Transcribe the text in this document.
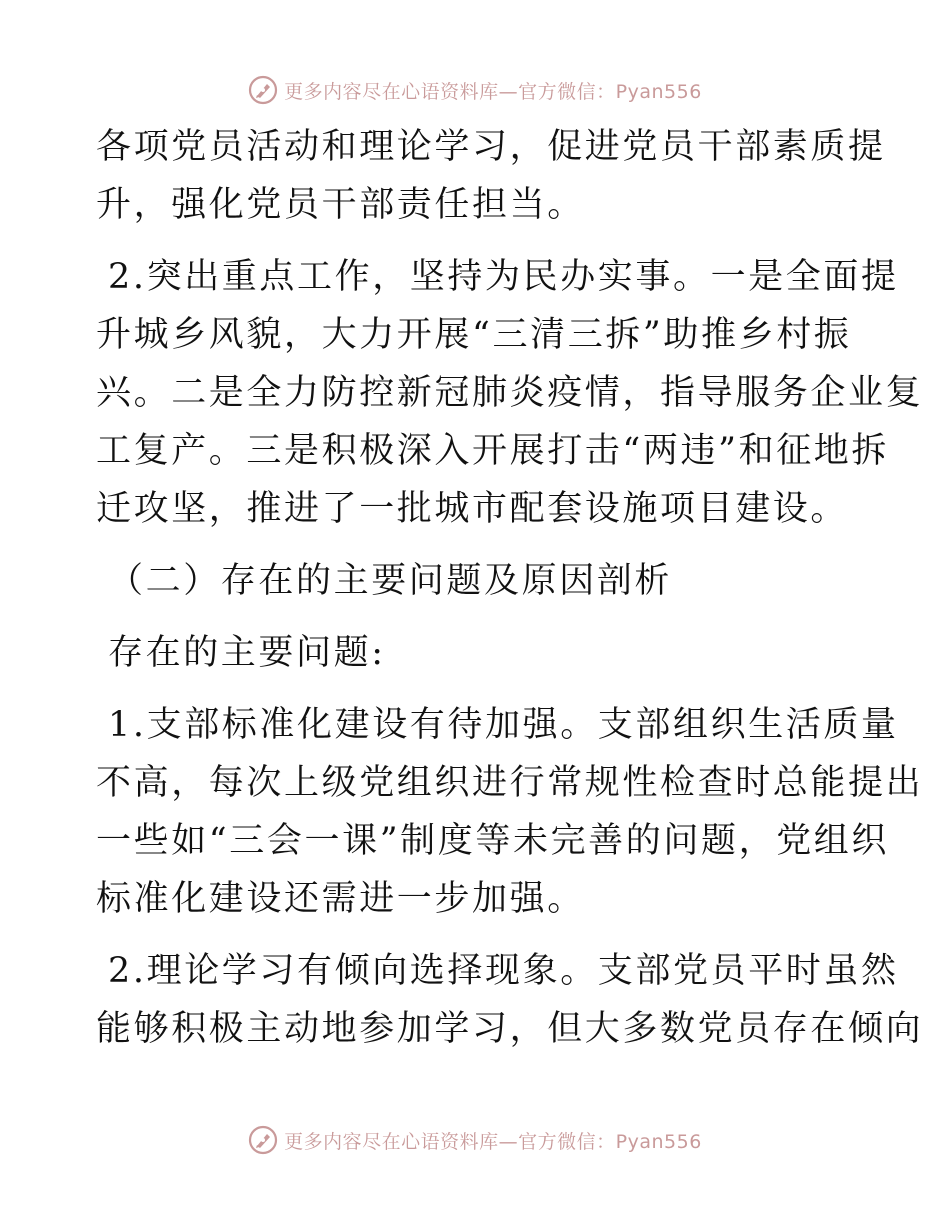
更多内容尽在心语资料库—官方微信：Pyan556
各项党员活动和理论学习，促进党员干部素质提
升，强化党员干部责任担当。
2.突出重点工作，坚持为民办实事。一是全面提
升城乡风貌，大力开展“三清三拆”助推乡村振
兴。二是全力防控新冠肺炎疫情，指导服务企业复
工复产。三是积极深入开展打击“两违”和征地拆
迁攻坚，推进了一批城市配套设施项目建设。
（二）存在的主要问题及原因剖析
存在的主要问题:
1.支部标准化建设有待加强。支部组织生活质量
不高，每次上级党组织进行常规性检查时总能提出
一些如“三会一课”制度等未完善的问题，党组织
标准化建设还需进一步加强。
2.理论学习有倾向选择现象。支部党员平时虽然
能够积极主动地参加学习，但大多数党员存在倾向
更多内容尽在心语资料库—官方微信：Pyan556
